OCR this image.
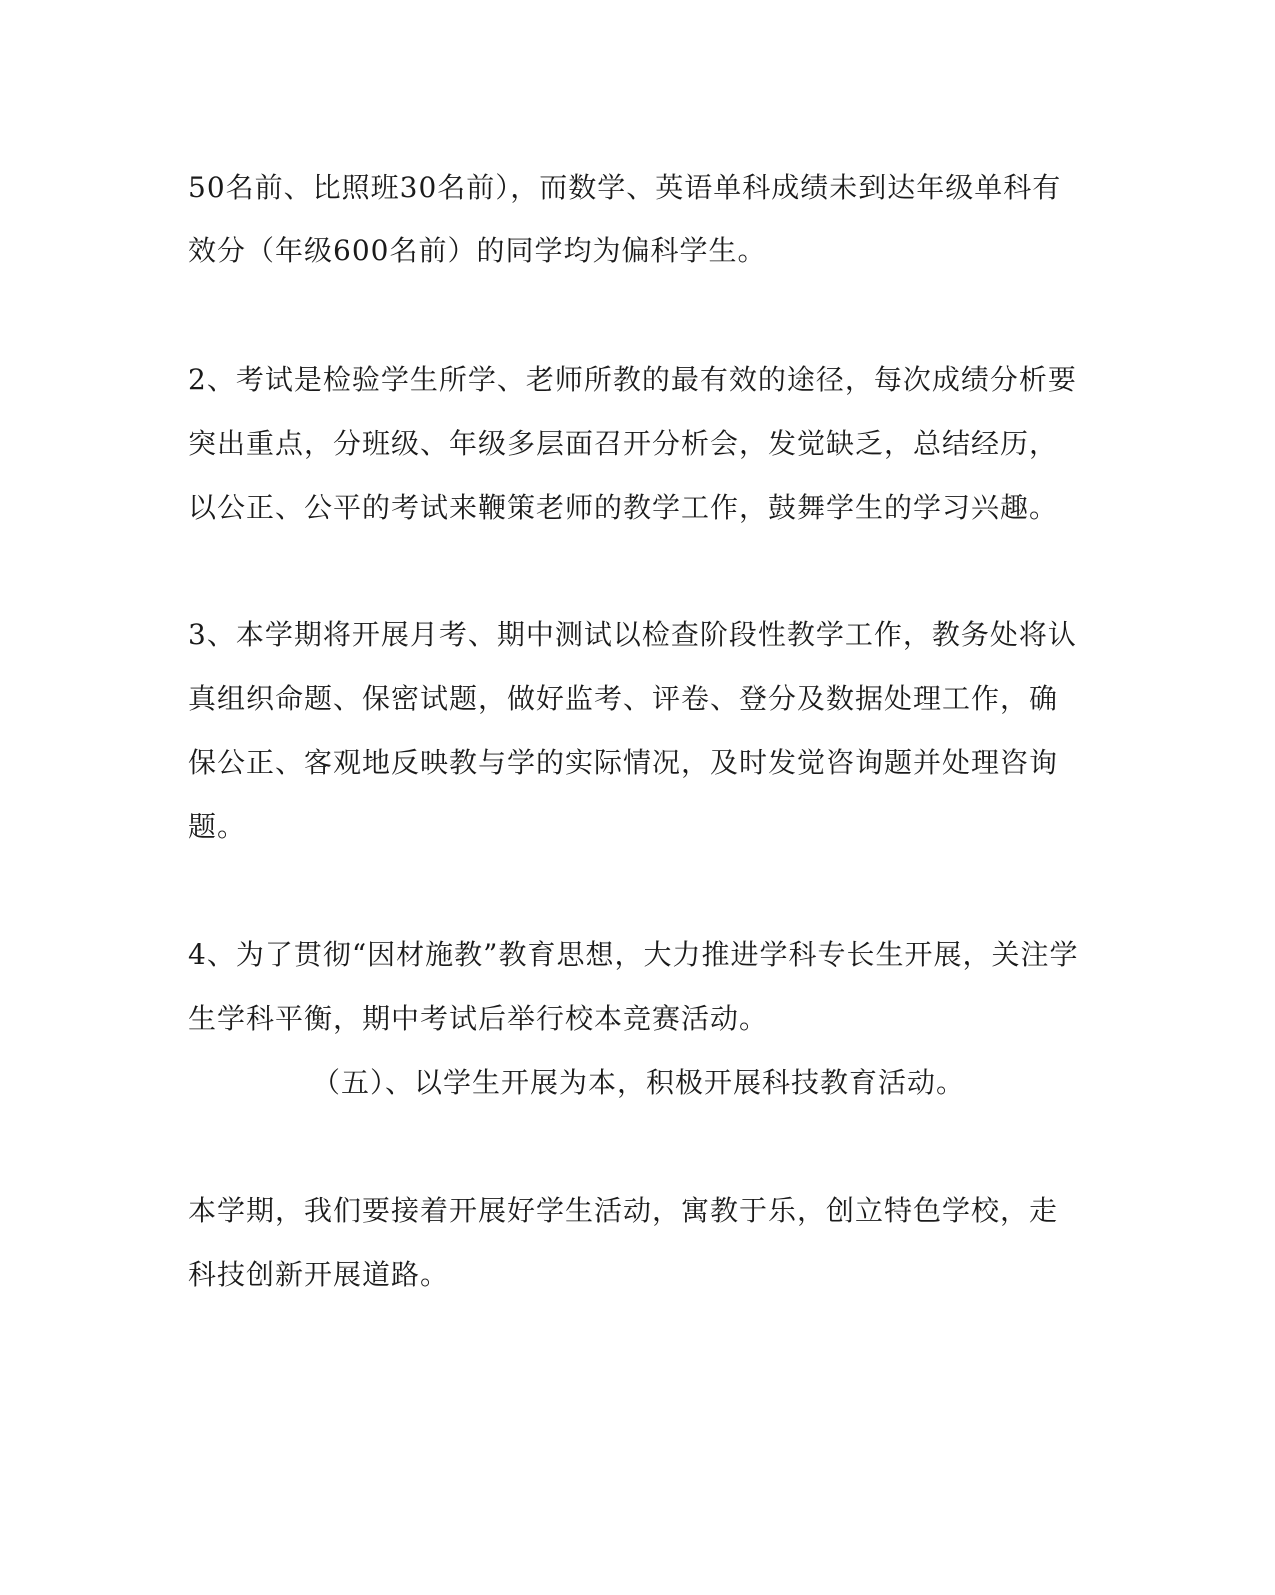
50名前、比照班30名前），而数学、英语单科成绩未到达年级单科有
效分（年级600名前）的同学均为偏科学生。
2、考试是检验学生所学、老师所教的最有效的途径，每次成绩分析要
突出重点，分班级、年级多层面召开分析会，发觉缺乏，总结经历，
以公正、公平的考试来鞭策老师的教学工作，鼓舞学生的学习兴趣。
3、本学期将开展月考、期中测试以检查阶段性教学工作，教务处将认
真组织命题、保密试题，做好监考、评卷、登分及数据处理工作，确
保公正、客观地反映教与学的实际情况，及时发觉咨询题并处理咨询
题。
4、为了贯彻“因材施教”教育思想，大力推进学科专长生开展，关注学
生学科平衡，期中考试后举行校本竞赛活动。
（五）、以学生开展为本，积极开展科技教育活动。
本学期，我们要接着开展好学生活动，寓教于乐，创立特色学校，走
科技创新开展道路。
